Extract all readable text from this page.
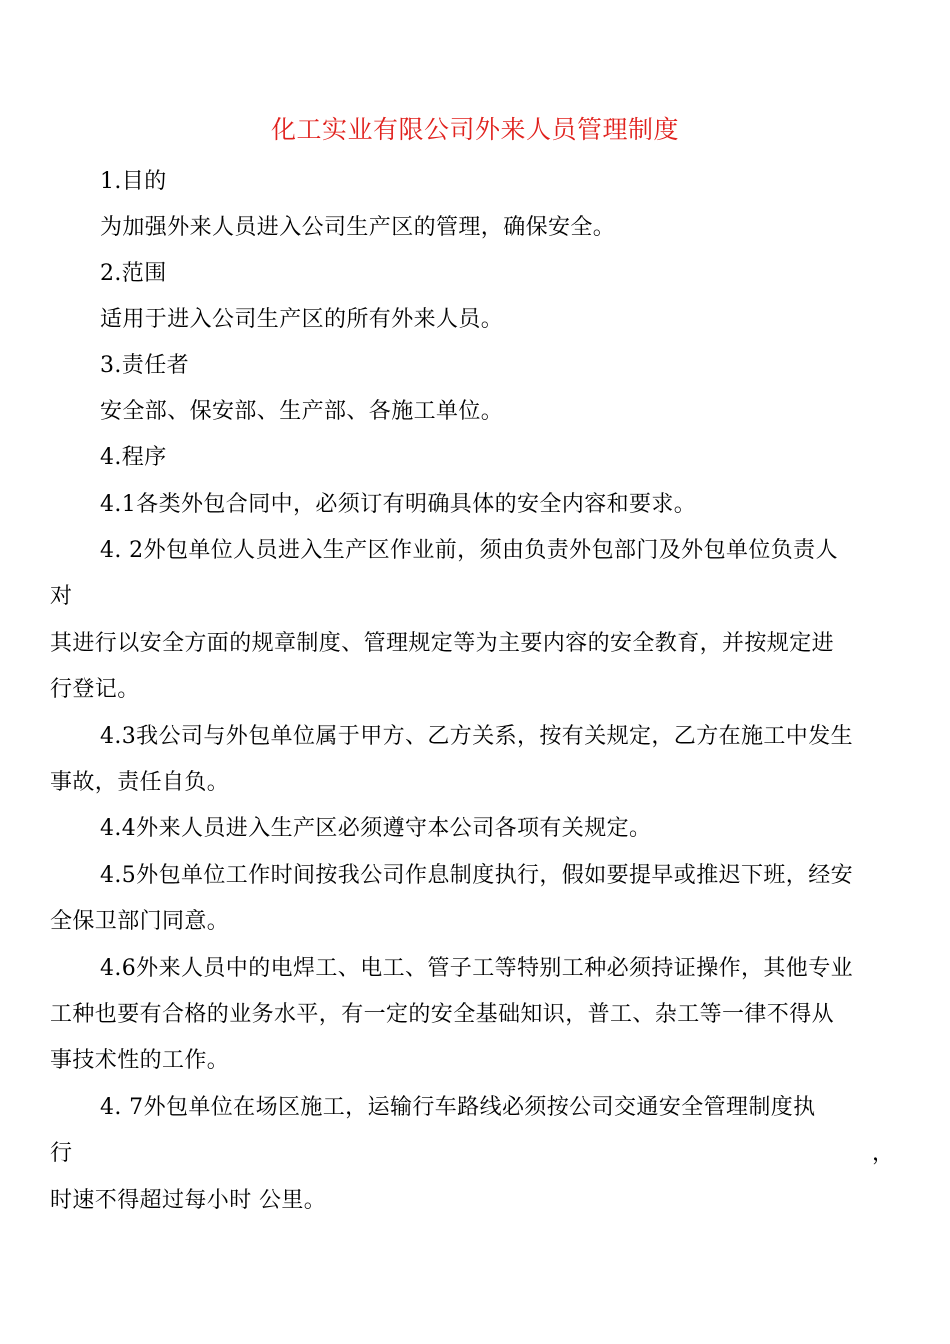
化工实业有限公司外来人员管理制度
1.目的
为加强外来人员进入公司生产区的管理，确保安全。
2.范围
适用于进入公司生产区的所有外来人员。
3.责任者
安全部、保安部、生产部、各施工单位。
4.程序
4.1各类外包合同中，必须订有明确具体的安全内容和要求。
4. 2外包单位人员进入生产区作业前，须由负责外包部门及外包单位负责人
对
其进行以安全方面的规章制度、管理规定等为主要内容的安全教育，并按规定进
行登记。
4.3我公司与外包单位属于甲方、乙方关系，按有关规定，乙方在施工中发生
事故，责任自负。
4.4外来人员进入生产区必须遵守本公司各项有关规定。
4.5外包单位工作时间按我公司作息制度执行，假如要提早或推迟下班，经安
全保卫部门同意。
4.6外来人员中的电焊工、电工、管子工等特别工种必须持证操作，其他专业
工种也要有合格的业务水平，有一定的安全基础知识，普工、杂工等一律不得从
事技术性的工作。
4. 7外包单位在场区施工，运输行车路线必须按公司交通安全管理制度执
行	，
时速不得超过每小时 公里。
